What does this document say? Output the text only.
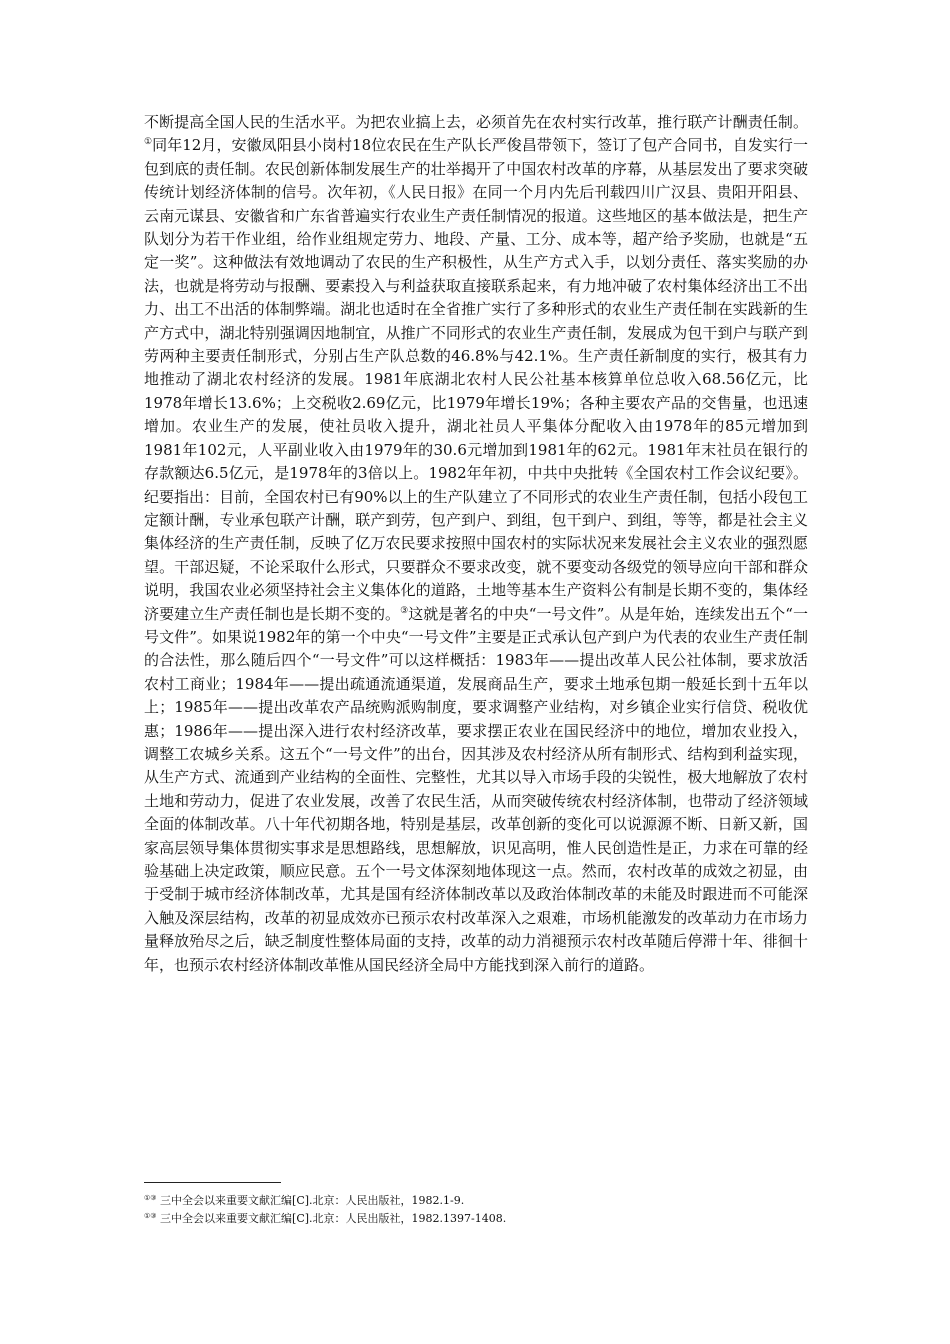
不断提高全国人民的生活水平。为把农业搞上去，必须首先在农村实行改革，推行联产计酬责任制。①同年12月，安徽凤阳县小岗村18位农民在生产队长严俊昌带领下，签订了包产合同书，自发实行一包到底的责任制。农民创新体制发展生产的壮举揭开了中国农村改革的序幕，从基层发出了要求突破传统计划经济体制的信号。次年初，《人民日报》在同一个月内先后刊载四川广汉县、贵阳开阳县、云南元谋县、安徽省和广东省普遍实行农业生产责任制情况的报道。这些地区的基本做法是，把生产队划分为若干作业组，给作业组规定劳力、地段、产量、工分、成本等，超产给予奖励，也就是“五定一奖”。这种做法有效地调动了农民的生产积极性，从生产方式入手，以划分责任、落实奖励的办法，也就是将劳动与报酬、要素投入与利益获取直接联系起来，有力地冲破了农村集体经济出工不出力、出工不出活的体制弊端。湖北也适时在全省推广实行了多种形式的农业生产责任制在实践新的生产方式中，湖北特别强调因地制宜，从推广不同形式的农业生产责任制，发展成为包干到户与联产到劳两种主要责任制形式，分别占生产队总数的46.8%与42.1%。生产责任新制度的实行，极其有力地推动了湖北农村经济的发展。1981年底湖北农村人民公社基本核算单位总收入68.56亿元，比1978年增长13.6%；上交税收2.69亿元，比1979年增长19%；各种主要农产品的交售量，也迅速增加。农业生产的发展，使社员收入提升，湖北社员人平集体分配收入由1978年的85元增加到1981年102元，人平副业收入由1979年的30.6元增加到1981年的62元。1981年末社员在银行的存款额达6.5亿元，是1978年的3倍以上。1982年年初，中共中央批转《全国农村工作会议纪要》。纪要指出：目前，全国农村已有90%以上的生产队建立了不同形式的农业生产责任制，包括小段包工定额计酬，专业承包联产计酬，联产到劳，包产到户、到组，包干到户、到组，等等，都是社会主义集体经济的生产责任制，反映了亿万农民要求按照中国农村的实际状况来发展社会主义农业的强烈愿望。干部迟疑，不论采取什么形式，只要群众不要求改变，就不要变动各级党的领导应向干部和群众说明，我国农业必须坚持社会主义集体化的道路，土地等基本生产资料公有制是长期不变的，集体经济要建立生产责任制也是长期不变的。③这就是著名的中央“一号文件”。从是年始，连续发出五个“一号文件”。如果说1982年的第一个中央“一号文件”主要是正式承认包产到户为代表的农业生产责任制的合法性，那么随后四个“一号文件”可以这样概括：1983年——提出改革人民公社体制，要求放活农村工商业；1984年——提出疏通流通渠道，发展商品生产，要求土地承包期一般延长到十五年以上；1985年——提出改革农产品统购派购制度，要求调整产业结构，对乡镇企业实行信贷、税收优惠；1986年——提出深入进行农村经济改革，要求摆正农业在国民经济中的地位，增加农业投入，调整工农城乡关系。这五个“一号文件”的出台，因其涉及农村经济从所有制形式、结构到利益实现，从生产方式、流通到产业结构的全面性、完整性，尤其以导入市场手段的尖锐性，极大地解放了农村土地和劳动力，促进了农业发展，改善了农民生活，从而突破传统农村经济体制，也带动了经济领域全面的体制改革。八十年代初期各地，特别是基层，改革创新的变化可以说源源不断、日新又新，国家高层领导集体贯彻实事求是思想路线，思想解放，识见高明，惟人民创造性是正，力求在可靠的经验基础上决定政策，顺应民意。五个一号文体深刻地体现这一点。然而，农村改革的成效之初显，由于受制于城市经济体制改革，尤其是国有经济体制改革以及政治体制改革的未能及时跟进而不可能深入触及深层结构，改革的初显成效亦已预示农村改革深入之艰难，市场机能激发的改革动力在市场力量释放殆尽之后，缺乏制度性整体局面的支持，改革的动力消褪预示农村改革随后停滞十年、徘徊十年，也预示农村经济体制改革惟从国民经济全局中方能找到深入前行的道路。

①③ 三中全会以来重要文献汇编[C].北京：人民出版社，1982.1-9.

①③ 三中全会以来重要文献汇编[C].北京：人民出版社，1982.1397-1408.
